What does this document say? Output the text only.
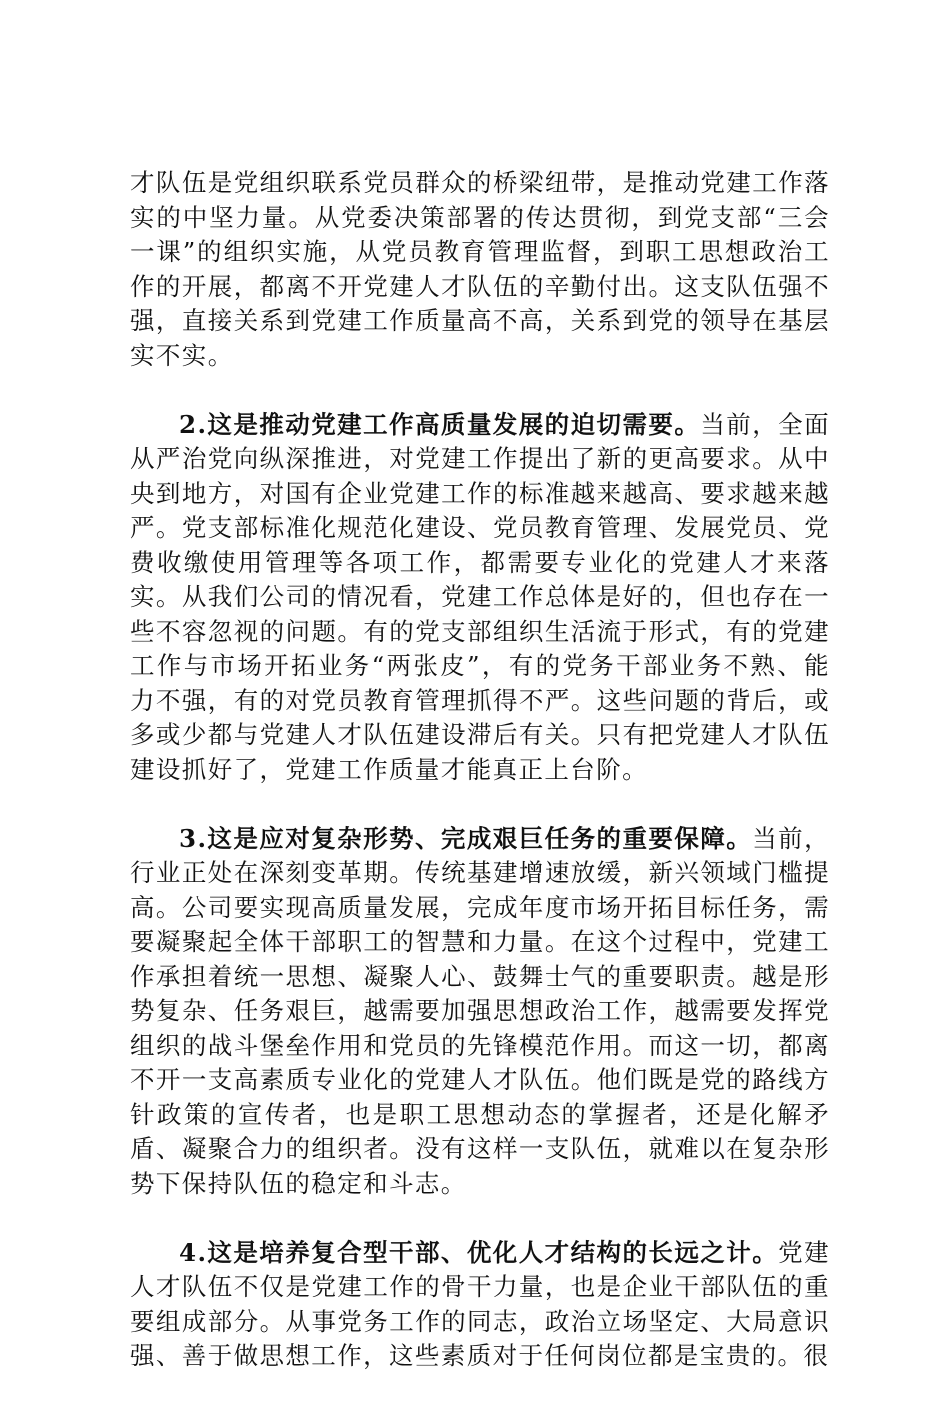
才队伍是党组织联系党员群众的桥梁纽带，是推动党建工作落实的中坚力量。从党委决策部署的传达贯彻，到党支部“三会一课”的组织实施，从党员教育管理监督，到职工思想政治工作的开展，都离不开党建人才队伍的辛勤付出。这支队伍强不强，直接关系到党建工作质量高不高，关系到党的领导在基层实不实。

2.这是推动党建工作高质量发展的迫切需要。当前，全面从严治党向纵深推进，对党建工作提出了新的更高要求。从中央到地方，对国有企业党建工作的标准越来越高、要求越来越严。党支部标准化规范化建设、党员教育管理、发展党员、党费收缴使用管理等各项工作，都需要专业化的党建人才来落实。从我们公司的情况看，党建工作总体是好的，但也存在一些不容忽视的问题。有的党支部组织生活流于形式，有的党建工作与市场开拓业务“两张皮”，有的党务干部业务不熟、能力不强，有的对党员教育管理抓得不严。这些问题的背后，或多或少都与党建人才队伍建设滞后有关。只有把党建人才队伍建设抓好了，党建工作质量才能真正上台阶。

3.这是应对复杂形势、完成艰巨任务的重要保障。当前，行业正处在深刻变革期。传统基建增速放缓，新兴领域门槛提高。公司要实现高质量发展，完成年度市场开拓目标任务，需要凝聚起全体干部职工的智慧和力量。在这个过程中，党建工作承担着统一思想、凝聚人心、鼓舞士气的重要职责。越是形势复杂、任务艰巨，越需要加强思想政治工作，越需要发挥党组织的战斗堡垒作用和党员的先锋模范作用。而这一切，都离不开一支高素质专业化的党建人才队伍。他们既是党的路线方针政策的宣传者，也是职工思想动态的掌握者，还是化解矛盾、凝聚合力的组织者。没有这样一支队伍，就难以在复杂形势下保持队伍的稳定和斗志。

4.这是培养复合型干部、优化人才结构的长远之计。党建人才队伍不仅是党建工作的骨干力量，也是企业干部队伍的重要组成部分。从事党务工作的同志，政治立场坚定、大局意识强、善于做思想工作，这些素质对于任何岗位都是宝贵的。很
